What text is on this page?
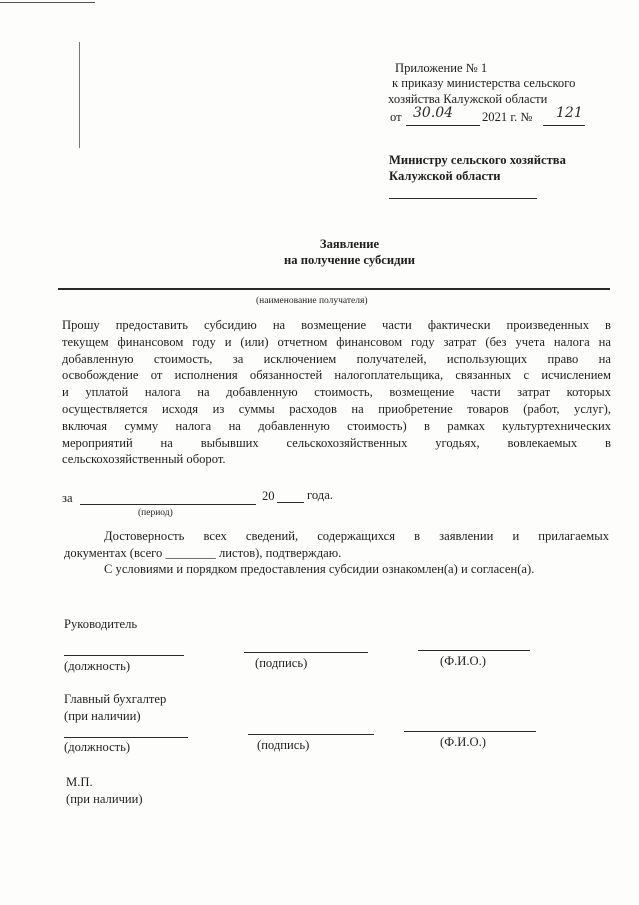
Приложение № 1
к приказу министерства сельского
хозяйства Калужской области
от 30.04 2021 г. № 121
Министру сельского хозяйства
Калужской области
Заявление
на получение субсидии
(наименование получателя)
Прошу предоставить субсидию на возмещение части фактически произведенных в
текущем финансовом году и (или) отчетном финансовом году затрат (без учета налога на
добавленную стоимость, за исключением получателей, использующих право на
освобождение от исполнения обязанностей налогоплательщика, связанных с исчислением
и уплатой налога на добавленную стоимость, возмещение части затрат которых
осуществляется исходя из суммы расходов на приобретение товаров (работ, услуг),
включая сумму налога на добавленную стоимость) в рамках культуртехнических
мероприятий на выбывших сельскохозяйственных угодьях, вовлекаемых в
сельскохозяйственный оборот.
за	20	года.
(период)
Достоверность всех сведений, содержащихся в заявлении и прилагаемых
документах (всего ________ листов), подтверждаю.
С условиями и порядком предоставления субсидии ознакомлен(а) и согласен(а).
Руководитель
(должность)	(подпись)	(Ф.И.О.)
Главный бухгалтер
(при наличии)
(должность)	(подпись)	(Ф.И.О.)
М.П.
(при наличии)
